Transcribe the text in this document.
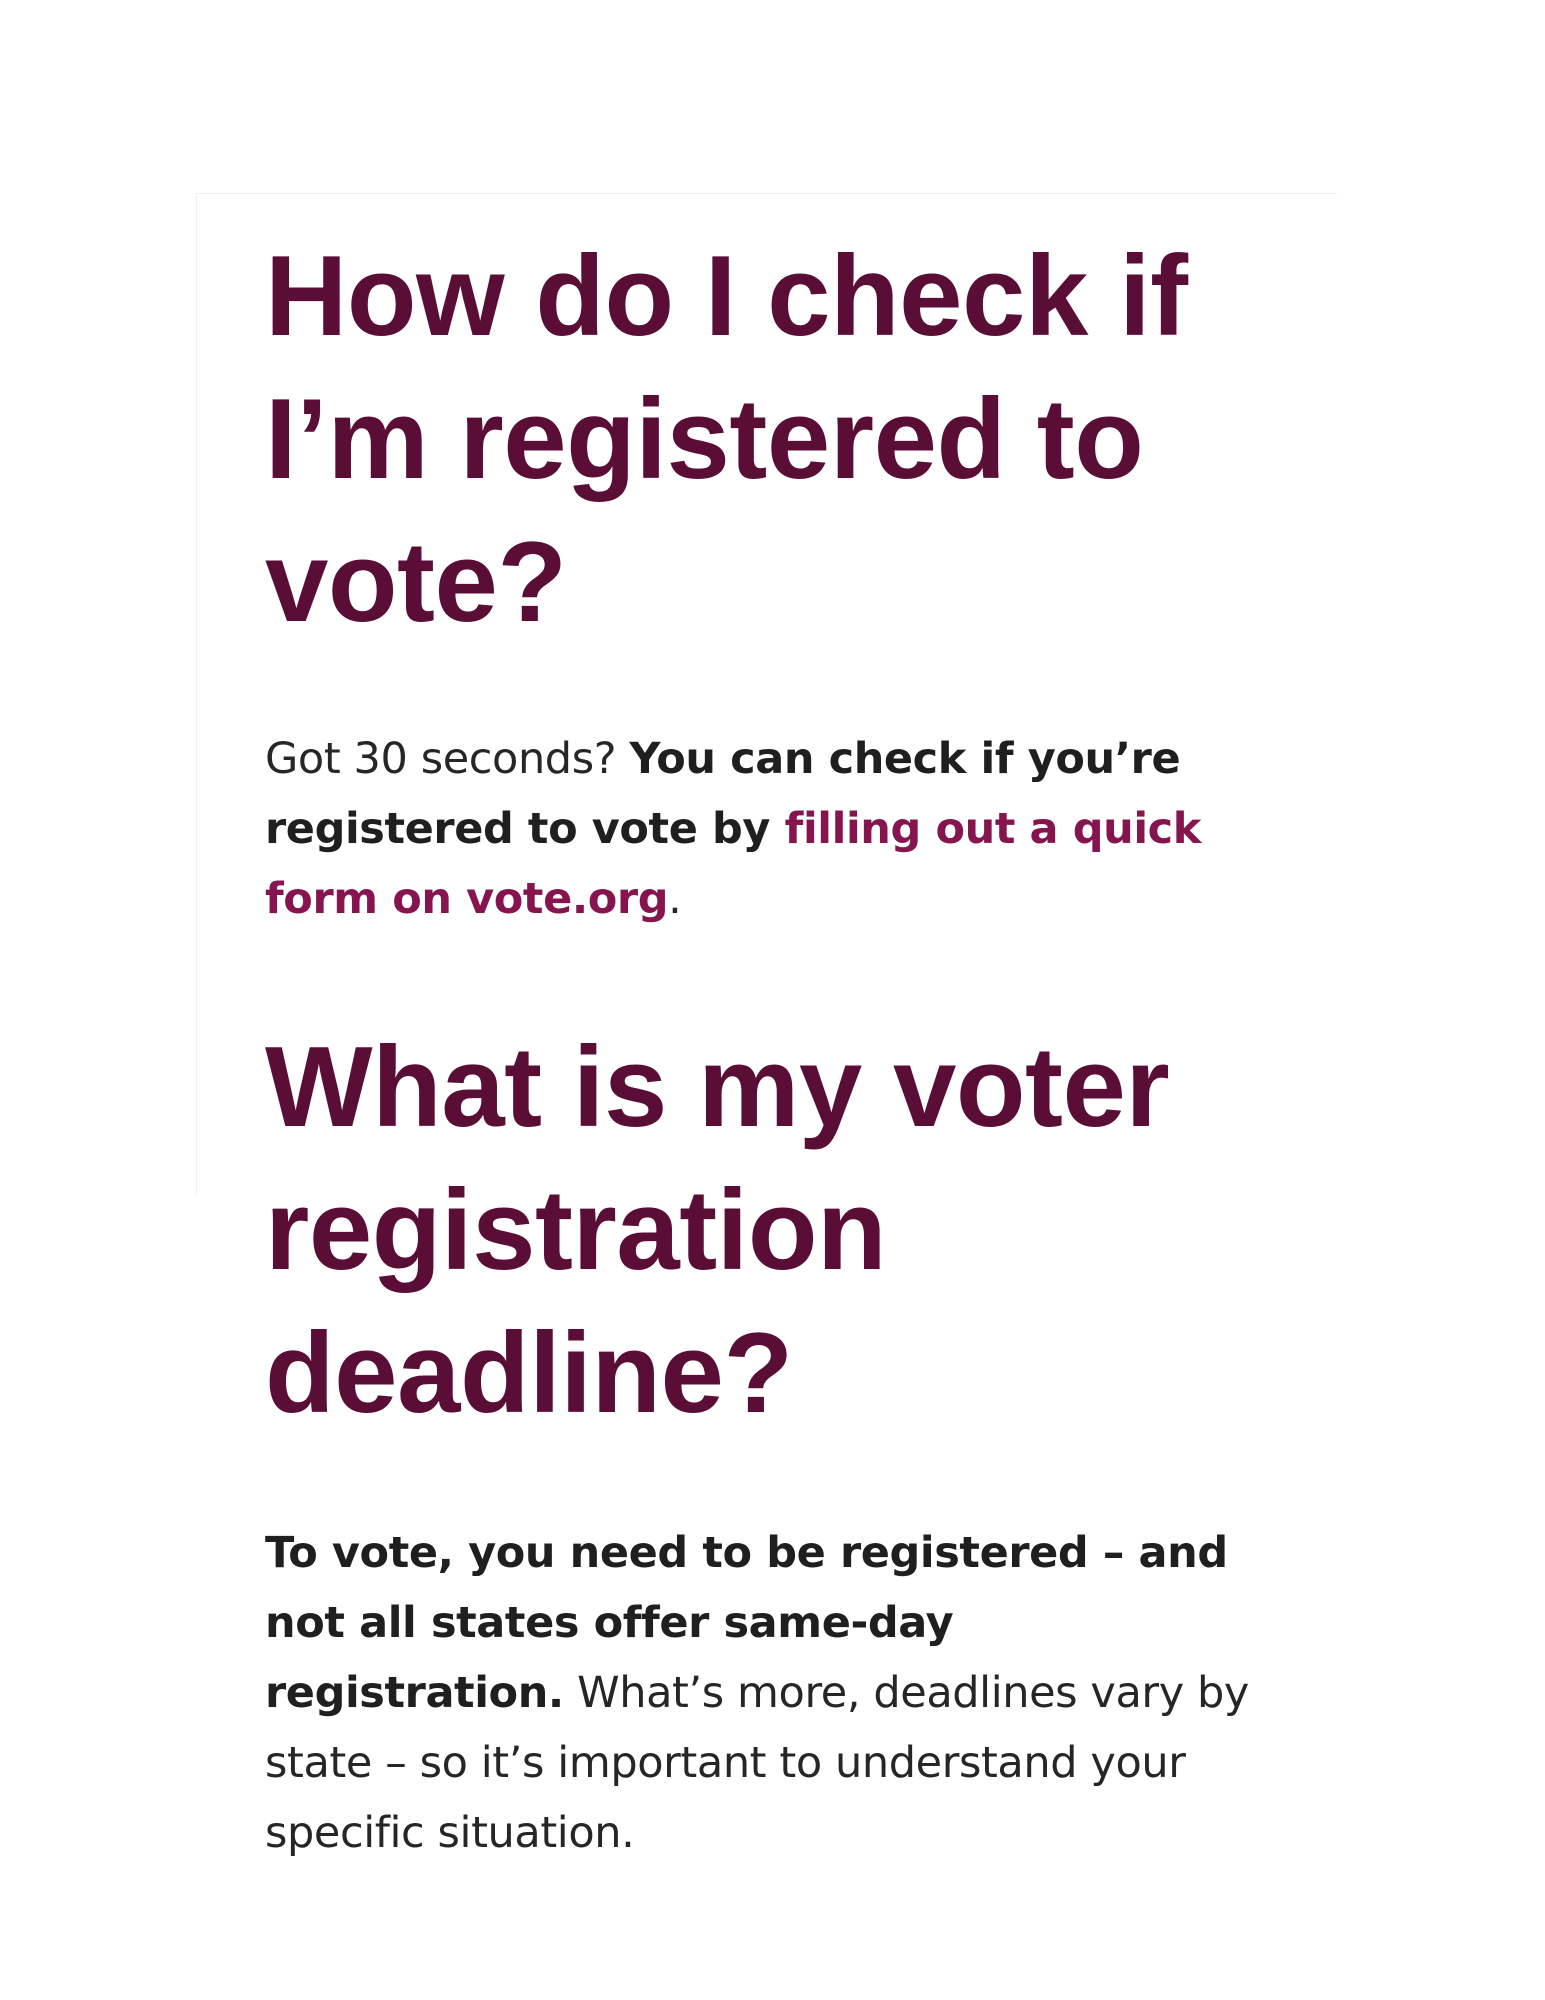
How do I check if I’m registered to vote?

Got 30 seconds? You can check if you’re registered to vote by filling out a quick form on vote.org.

What is my voter registration deadline?

To vote, you need to be registered – and not all states offer same-day registration. What’s more, deadlines vary by state – so it’s important to understand your specific situation.
